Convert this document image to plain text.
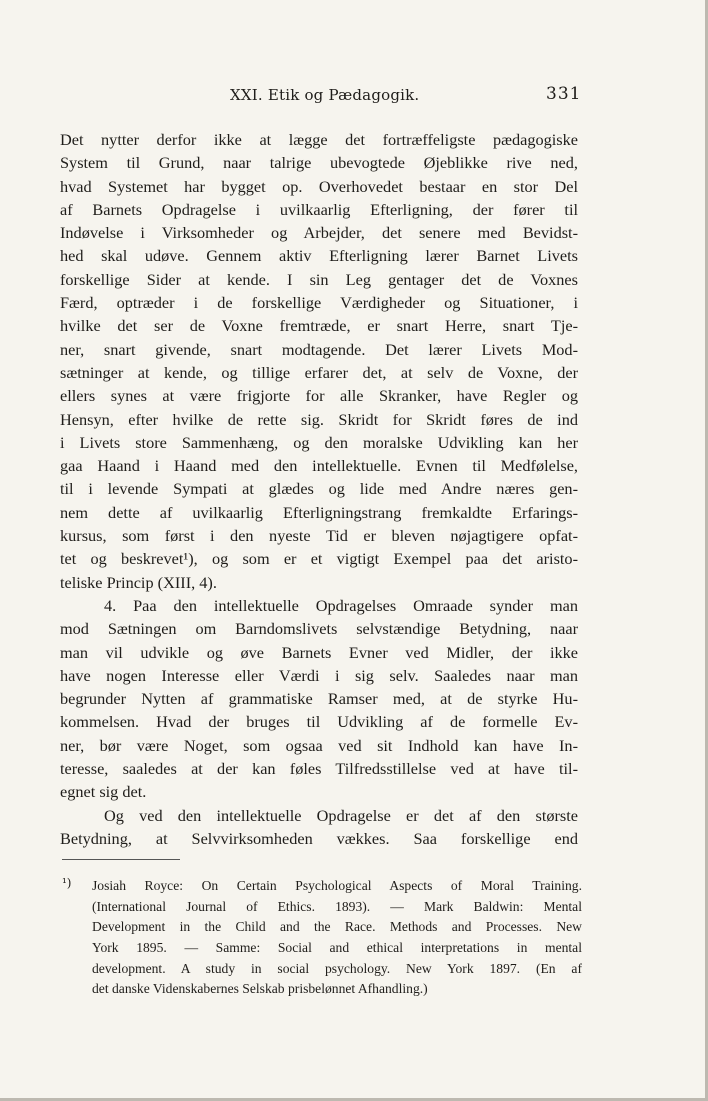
XXI. Etik og Pædagogik.	331
Det nytter derfor ikke at lægge det fortræffeligste pædagogiske
System til Grund, naar talrige ubevogtede Øjeblikke rive ned,
hvad Systemet har bygget op. Overhovedet bestaar en stor Del
af Barnets Opdragelse i uvilkaarlig Efterligning, der fører til
Indøvelse i Virksomheder og Arbejder, det senere med Bevidst-
hed skal udøve. Gennem aktiv Efterligning lærer Barnet Livets
forskellige Sider at kende. I sin Leg gentager det de Voxnes
Færd, optræder i de forskellige Værdigheder og Situationer, i
hvilke det ser de Voxne fremtræde, er snart Herre, snart Tje-
ner, snart givende, snart modtagende. Det lærer Livets Mod-
sætninger at kende, og tillige erfarer det, at selv de Voxne, der
ellers synes at være frigjorte for alle Skranker, have Regler og
Hensyn, efter hvilke de rette sig. Skridt for Skridt føres de ind
i Livets store Sammenhæng, og den moralske Udvikling kan her
gaa Haand i Haand med den intellektuelle. Evnen til Medfølelse,
til i levende Sympati at glædes og lide med Andre næres gen-
nem dette af uvilkaarlig Efterligningstrang fremkaldte Erfarings-
kursus, som først i den nyeste Tid er bleven nøjagtigere opfat-
tet og beskrevet¹), og som er et vigtigt Exempel paa det aristo-
teliske Princip (XIII, 4).
4. Paa den intellektuelle Opdragelses Omraade synder man
mod Sætningen om Barndomslivets selvstændige Betydning, naar
man vil udvikle og øve Barnets Evner ved Midler, der ikke
have nogen Interesse eller Værdi i sig selv. Saaledes naar man
begrunder Nytten af grammatiske Ramser med, at de styrke Hu-
kommelsen. Hvad der bruges til Udvikling af de formelle Ev-
ner, bør være Noget, som ogsaa ved sit Indhold kan have In-
teresse, saaledes at der kan føles Tilfredsstillelse ved at have til-
egnet sig det.
Og ved den intellektuelle Opdragelse er det af den største
Betydning, at Selvvirksomheden vækkes. Saa forskellige end
¹)	Josiah Royce: On Certain Psychological Aspects of Moral Training.
(International Journal of Ethics. 1893). — Mark Baldwin: Mental
Development in the Child and the Race. Methods and Processes. New
York 1895. — Samme: Social and ethical interpretations in mental
development. A study in social psychology. New York 1897. (En af
det danske Videnskabernes Selskab prisbelønnet Afhandling.)
